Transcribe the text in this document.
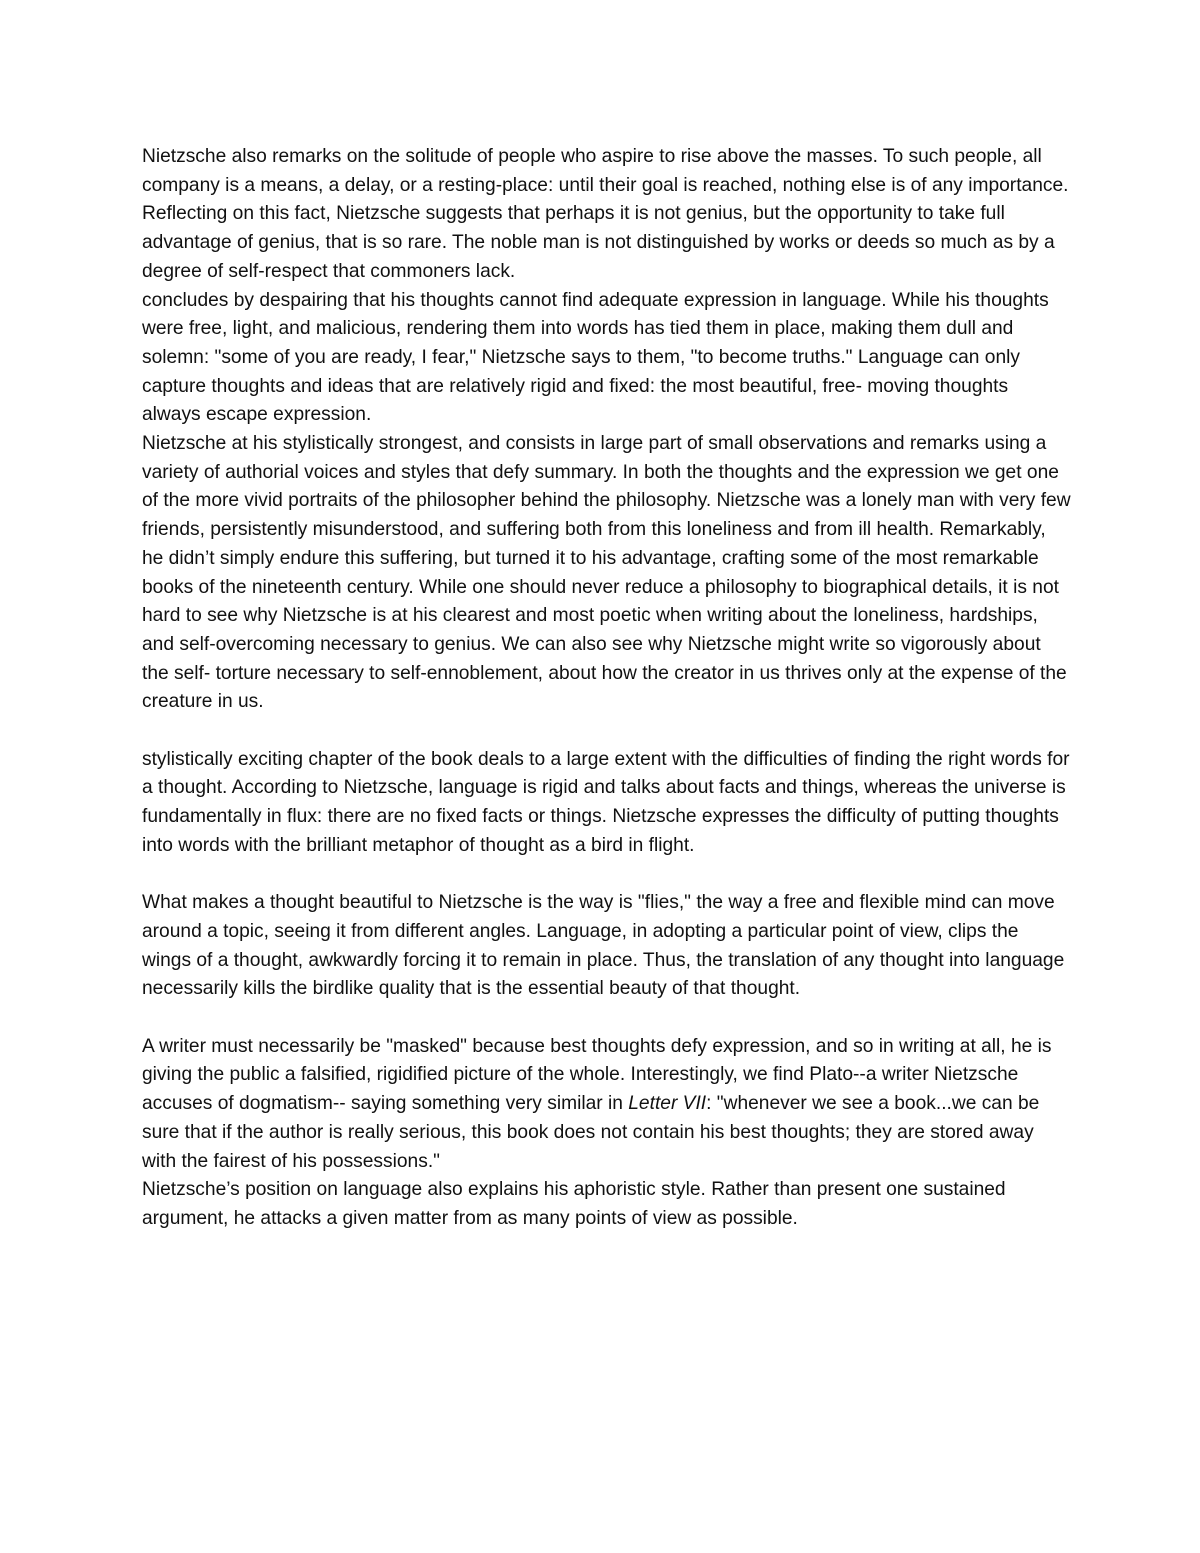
Nietzsche also remarks on the solitude of people who aspire to rise above the masses. To such people, all company is a means, a delay, or a resting-place: until their goal is reached, nothing else is of any importance. Reflecting on this fact, Nietzsche suggests that perhaps it is not genius, but the opportunity to take full advantage of genius, that is so rare. The noble man is not distinguished by works or deeds so much as by a degree of self-respect that commoners lack.

concludes by despairing that his thoughts cannot find adequate expression in language. While his thoughts were free, light, and malicious, rendering them into words has tied them in place, making them dull and solemn: "some of you are ready, I fear," Nietzsche says to them, "to become truths." Language can only capture thoughts and ideas that are relatively rigid and fixed: the most beautiful, free- moving thoughts always escape expression.

Nietzsche at his stylistically strongest, and consists in large part of small observations and remarks using a variety of authorial voices and styles that defy summary. In both the thoughts and the expression we get one of the more vivid portraits of the philosopher behind the philosophy. Nietzsche was a lonely man with very few friends, persistently misunderstood, and suffering both from this loneliness and from ill health. Remarkably, he didn’t simply endure this suffering, but turned it to his advantage, crafting some of the most remarkable books of the nineteenth century. While one should never reduce a philosophy to biographical details, it is not hard to see why Nietzsche is at his clearest and most poetic when writing about the loneliness, hardships, and self-overcoming necessary to genius. We can also see why Nietzsche might write so vigorously about the self- torture necessary to self-ennoblement, about how the creator in us thrives only at the expense of the creature in us.

stylistically exciting chapter of the book deals to a large extent with the difficulties of finding the right words for a thought. According to Nietzsche, language is rigid and talks about facts and things, whereas the universe is fundamentally in flux: there are no fixed facts or things. Nietzsche expresses the difficulty of putting thoughts into words with the brilliant metaphor of thought as a bird in flight.

What makes a thought beautiful to Nietzsche is the way is "flies," the way a free and flexible mind can move around a topic, seeing it from different angles. Language, in adopting a particular point of view, clips the wings of a thought, awkwardly forcing it to remain in place. Thus, the translation of any thought into language necessarily kills the birdlike quality that is the essential beauty of that thought.

A writer must necessarily be "masked" because best thoughts defy expression, and so in writing at all, he is giving the public a falsified, rigidified picture of the whole. Interestingly, we find Plato--a writer Nietzsche accuses of dogmatism-- saying something very similar in Letter VII: "whenever we see a book...we can be sure that if the author is really serious, this book does not contain his best thoughts; they are stored away with the fairest of his possessions."

Nietzsche’s position on language also explains his aphoristic style. Rather than present one sustained argument, he attacks a given matter from as many points of view as possible.
